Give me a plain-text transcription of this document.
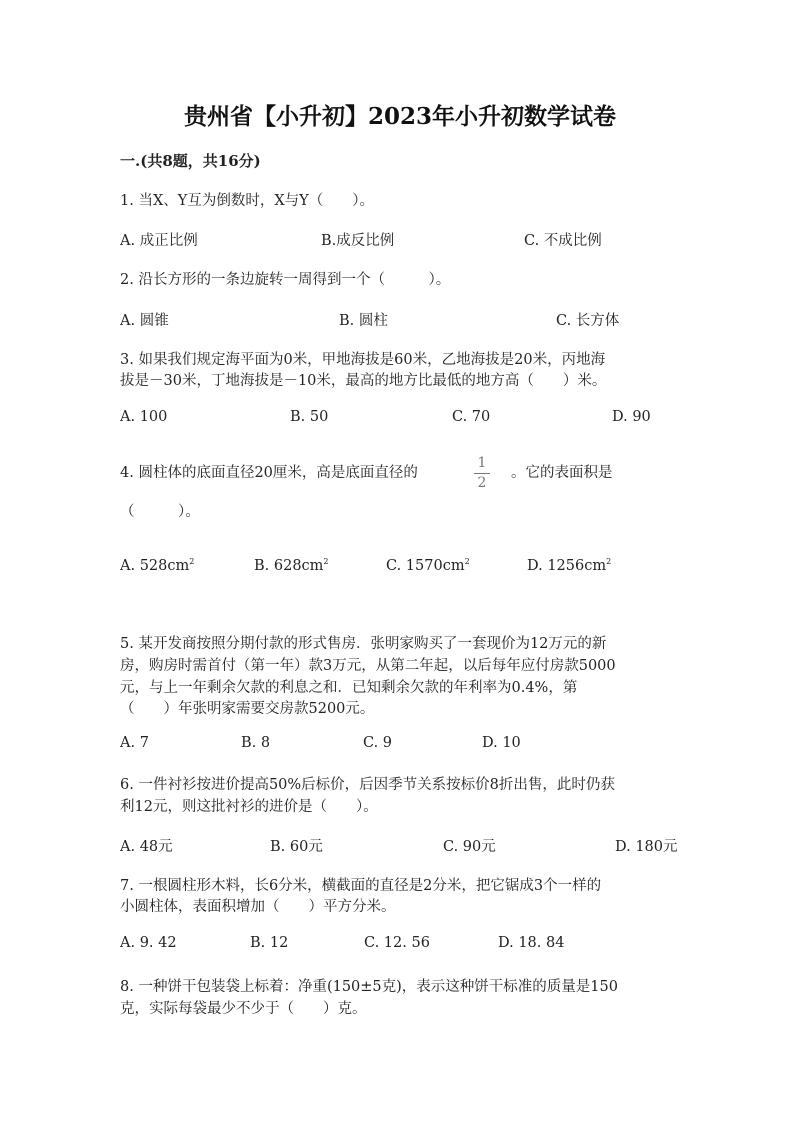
贵州省【小升初】2023年小升初数学试卷
一.(共8题，共16分)
1. 当X、Y互为倒数时，X与Y（　　）。
A. 成正比例	B.成反比例	C. 不成比例
2. 沿长方形的一条边旋转一周得到一个（　　　）。
A. 圆锥	B. 圆柱	C. 长方体
3. 如果我们规定海平面为0米，甲地海拔是60米，乙地海拔是20米，丙地海
拔是－30米，丁地海拔是－10米，最高的地方比最低的地方高（　　）米。
A. 100	B. 50	C. 70	D. 90
4. 圆柱体的底面直径20厘米，高是底面直径的
1
2
。它的表面积是
（　　　）。
A. $528cm^2$	B. $628cm^2$	C. $1570cm^2$	D. $1256cm^2$
5. 某开发商按照分期付款的形式售房．张明家购买了一套现价为12万元的新
房，购房时需首付（第一年）款3万元，从第二年起，以后每年应付房款5000
元，与上一年剩余欠款的利息之和．已知剩余欠款的年利率为0.4%，第
（　　）年张明家需要交房款5200元。
A. 7	B. 8	C. 9	D. 10
6. 一件衬衫按进价提高50%后标价，后因季节关系按标价8折出售，此时仍获
利12元，则这批衬衫的进价是（　　）。
A. 48元	B. 60元	C. 90元	D. 180元
7. 一根圆柱形木料，长6分米，横截面的直径是2分米，把它锯成3个一样的
小圆柱体，表面积增加（　　）平方分米。
A. 9. 42	B. 12	C. 12. 56	D. 18. 84
8. 一种饼干包装袋上标着：净重(150±5克)，表示这种饼干标准的质量是150
克，实际每袋最少不少于（　　）克。
